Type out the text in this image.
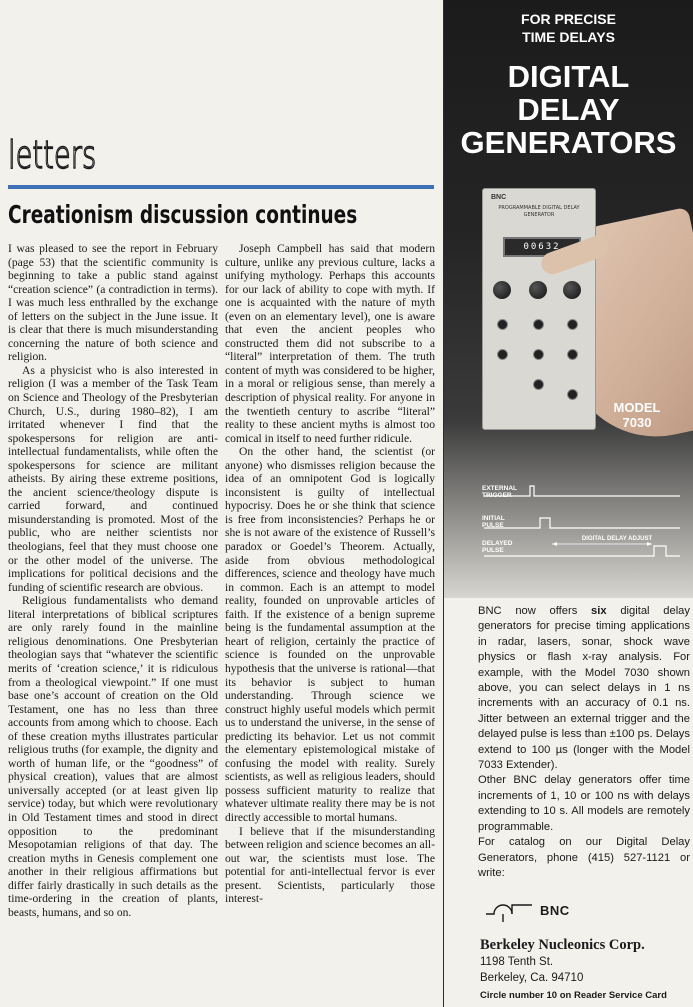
letters
Creationism discussion continues

I was pleased to see the report in February (page 53) that the scientific community is beginning to take a public stand against “creation science” (a contradiction in terms). I was much less enthralled by the exchange of letters on the subject in the June issue. It is clear that there is much misunderstanding concerning the nature of both science and religion.

As a physicist who is also interested in religion (I was a member of the Task Team on Science and Theology of the Presbyterian Church, U.S., during 1980–82), I am irritated whenever I find that the spokespersons for religion are anti-intellectual fundamentalists, while often the spokespersons for science are militant atheists. By airing these extreme positions, the ancient science/theology dispute is carried forward, and continued misunderstanding is promoted. Most of the public, who are neither scientists nor theologians, feel that they must choose one or the other model of the universe. The implications for political decisions and the funding of scientific research are obvious.

Religious fundamentalists who demand literal interpretations of biblical scriptures are only rarely found in the mainline religious denominations. One Presbyterian theologian says that “whatever the scientific merits of ‘creation science,’ it is ridiculous from a theological viewpoint.” If one must base one’s account of creation on the Old Testament, one has no less than three accounts from among which to choose. Each of these creation myths illustrates particular religious truths (for example, the dignity and worth of human life, or the “goodness” of physical creation), values that are almost universally accepted (or at least given lip service) today, but which were revolutionary in Old Testament times and stood in direct opposition to the predominant Mesopotamian religions of that day. The creation myths in Genesis complement one another in their religious affirmations but differ fairly drastically in such details as the time-ordering in the creation of plants, beasts, humans, and so on.

Joseph Campbell has said that modern culture, unlike any previous culture, lacks a unifying mythology. Perhaps this accounts for our lack of ability to cope with myth. If one is acquainted with the nature of myth (even on an elementary level), one is aware that even the ancient peoples who constructed them did not subscribe to a “literal” interpretation of them. The truth content of myth was considered to be higher, in a moral or religious sense, than merely a description of physical reality. For anyone in the twentieth century to ascribe “literal” reality to these ancient myths is almost too comical in itself to need further ridicule.

On the other hand, the scientist (or anyone) who dismisses religion because the idea of an omnipotent God is logically inconsistent is guilty of intellectual hypocrisy. Does he or she think that science is free from inconsistencies? Perhaps he or she is not aware of the existence of Russell’s paradox or Goedel’s Theorem. Actually, aside from obvious methodological differences, science and theology have much in common. Each is an attempt to model reality, founded on unprovable articles of faith. If the existence of a benign supreme being is the fundamental assumption at the heart of religion, certainly the practice of science is founded on the unprovable hypothesis that the universe is rational—that its behavior is subject to human understanding. Through science we construct highly useful models which permit us to understand the universe, in the sense of predicting its behavior. Let us not commit the elementary epistemological mistake of confusing the model with reality. Surely scientists, as well as religious leaders, should possess sufficient maturity to realize that whatever ultimate reality there may be is not directly accessible to mortal humans.

I believe that if the misunderstanding between religion and science becomes an all-out war, the scientists must lose. The potential for anti-intellectual fervor is ever present. Scientists, particularly those interest-

FOR PRECISE
TIME DELAYS
DIGITAL
DELAY
GENERATORS
BNC
PROGRAMMABLE DIGITAL DELAY GENERATOR
00632
MODEL
7030
EXTERNAL TRIGGER
INITIAL PULSE
DELAYED PULSE
DIGITAL DELAY ADJUST

BNC now offers six digital delay generators for precise timing applications in radar, lasers, sonar, shock wave physics or flash x-ray analysis. For example, with the Model 7030 shown above, you can select delays in 1 ns increments with an accuracy of 0.1 ns. Jitter between an external trigger and the delayed pulse is less than ±100 ps. Delays extend to 100 µs (longer with the Model 7033 Extender).

Other BNC delay generators offer time increments of 1, 10 or 100 ns with delays extending to 10 s. All models are remotely programmable.

For catalog on our Digital Delay Generators, phone (415) 527-1121 or write:

BNC
Berkeley Nucleonics Corp.
1198 Tenth St.
Berkeley, Ca. 94710
Circle number 10 on Reader Service Card
